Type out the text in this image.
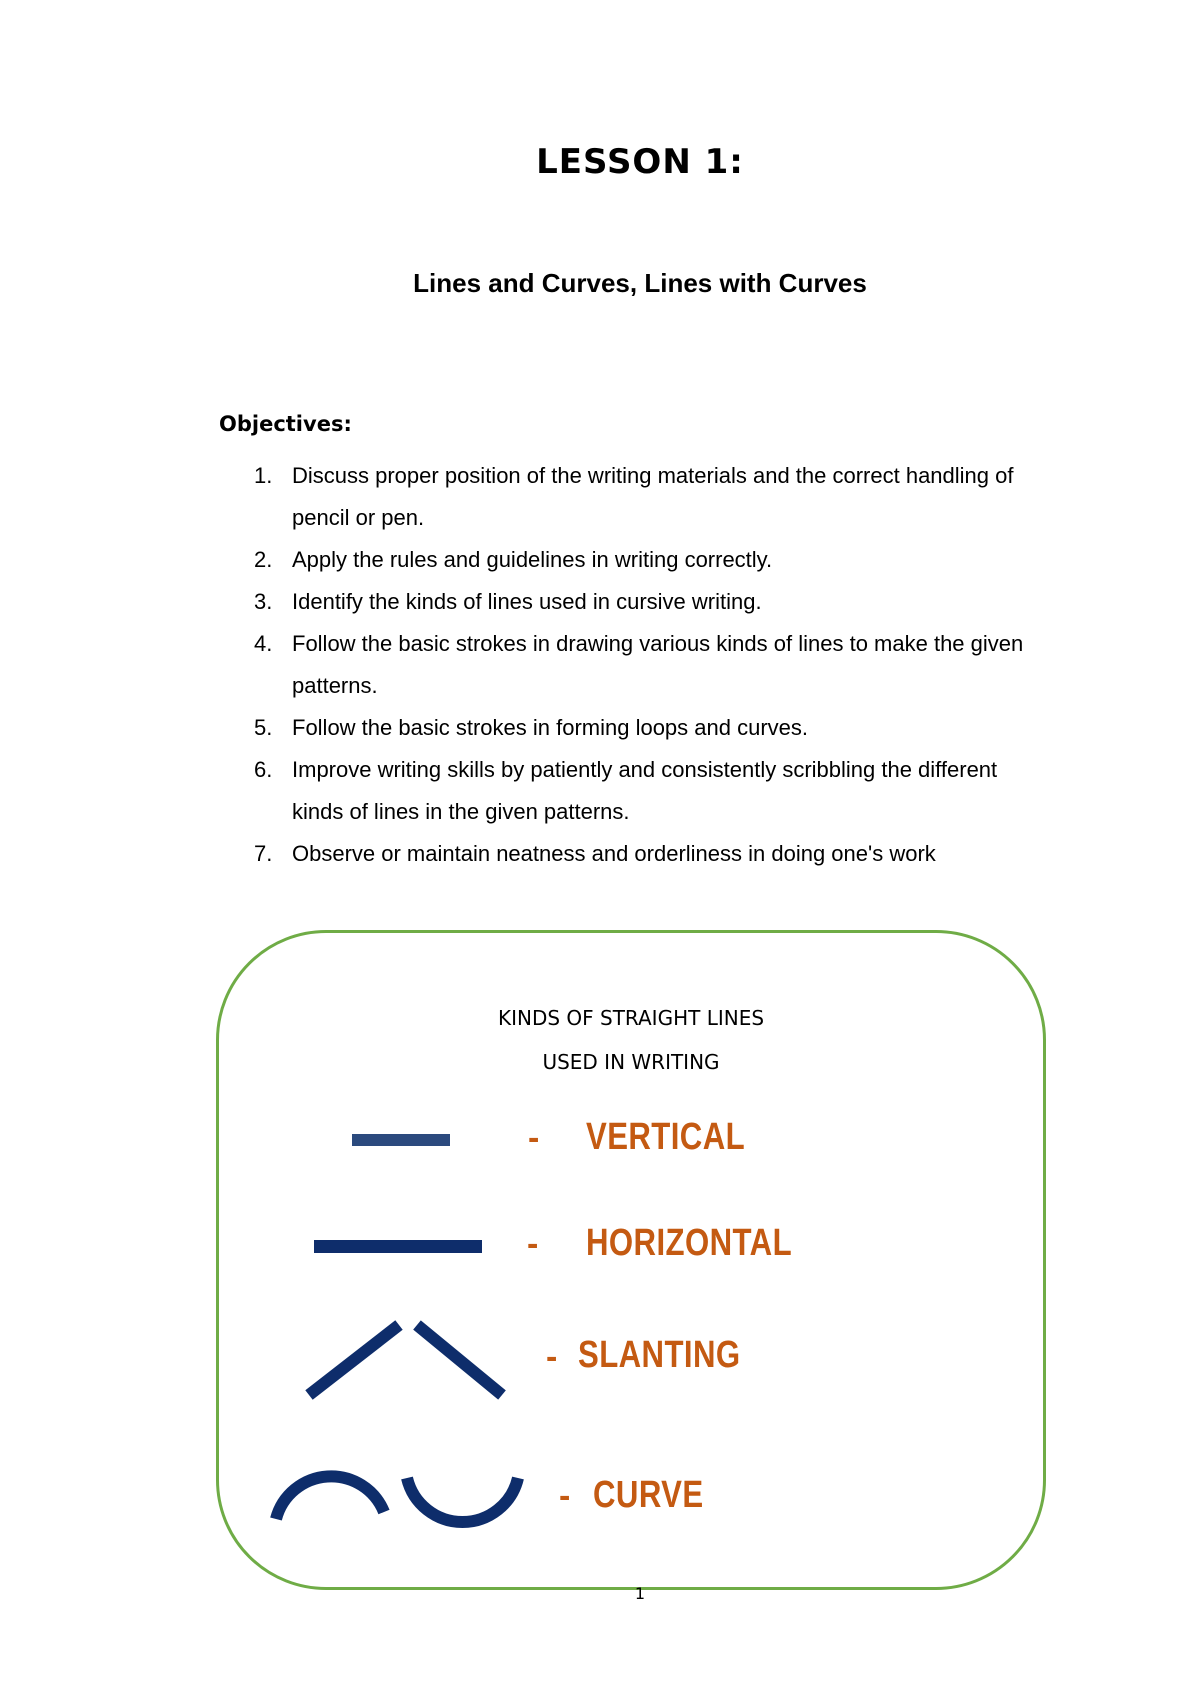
LESSON 1:
Lines and Curves, Lines with Curves
Objectives:
1. Discuss proper position of the writing materials and the correct handling of pencil or pen.
2. Apply the rules and guidelines in writing correctly.
3. Identify the kinds of lines used in cursive writing.
4. Follow the basic strokes in drawing various kinds of lines to make the given patterns.
5. Follow the basic strokes in forming loops and curves.
6. Improve writing skills by patiently and consistently scribbling the different kinds of lines in the given patterns.
7. Observe or maintain neatness and orderliness in doing one's work
KINDS OF STRAIGHT LINES
USED IN WRITING
- VERTICAL
- HORIZONTAL
- SLANTING
- CURVE
1
